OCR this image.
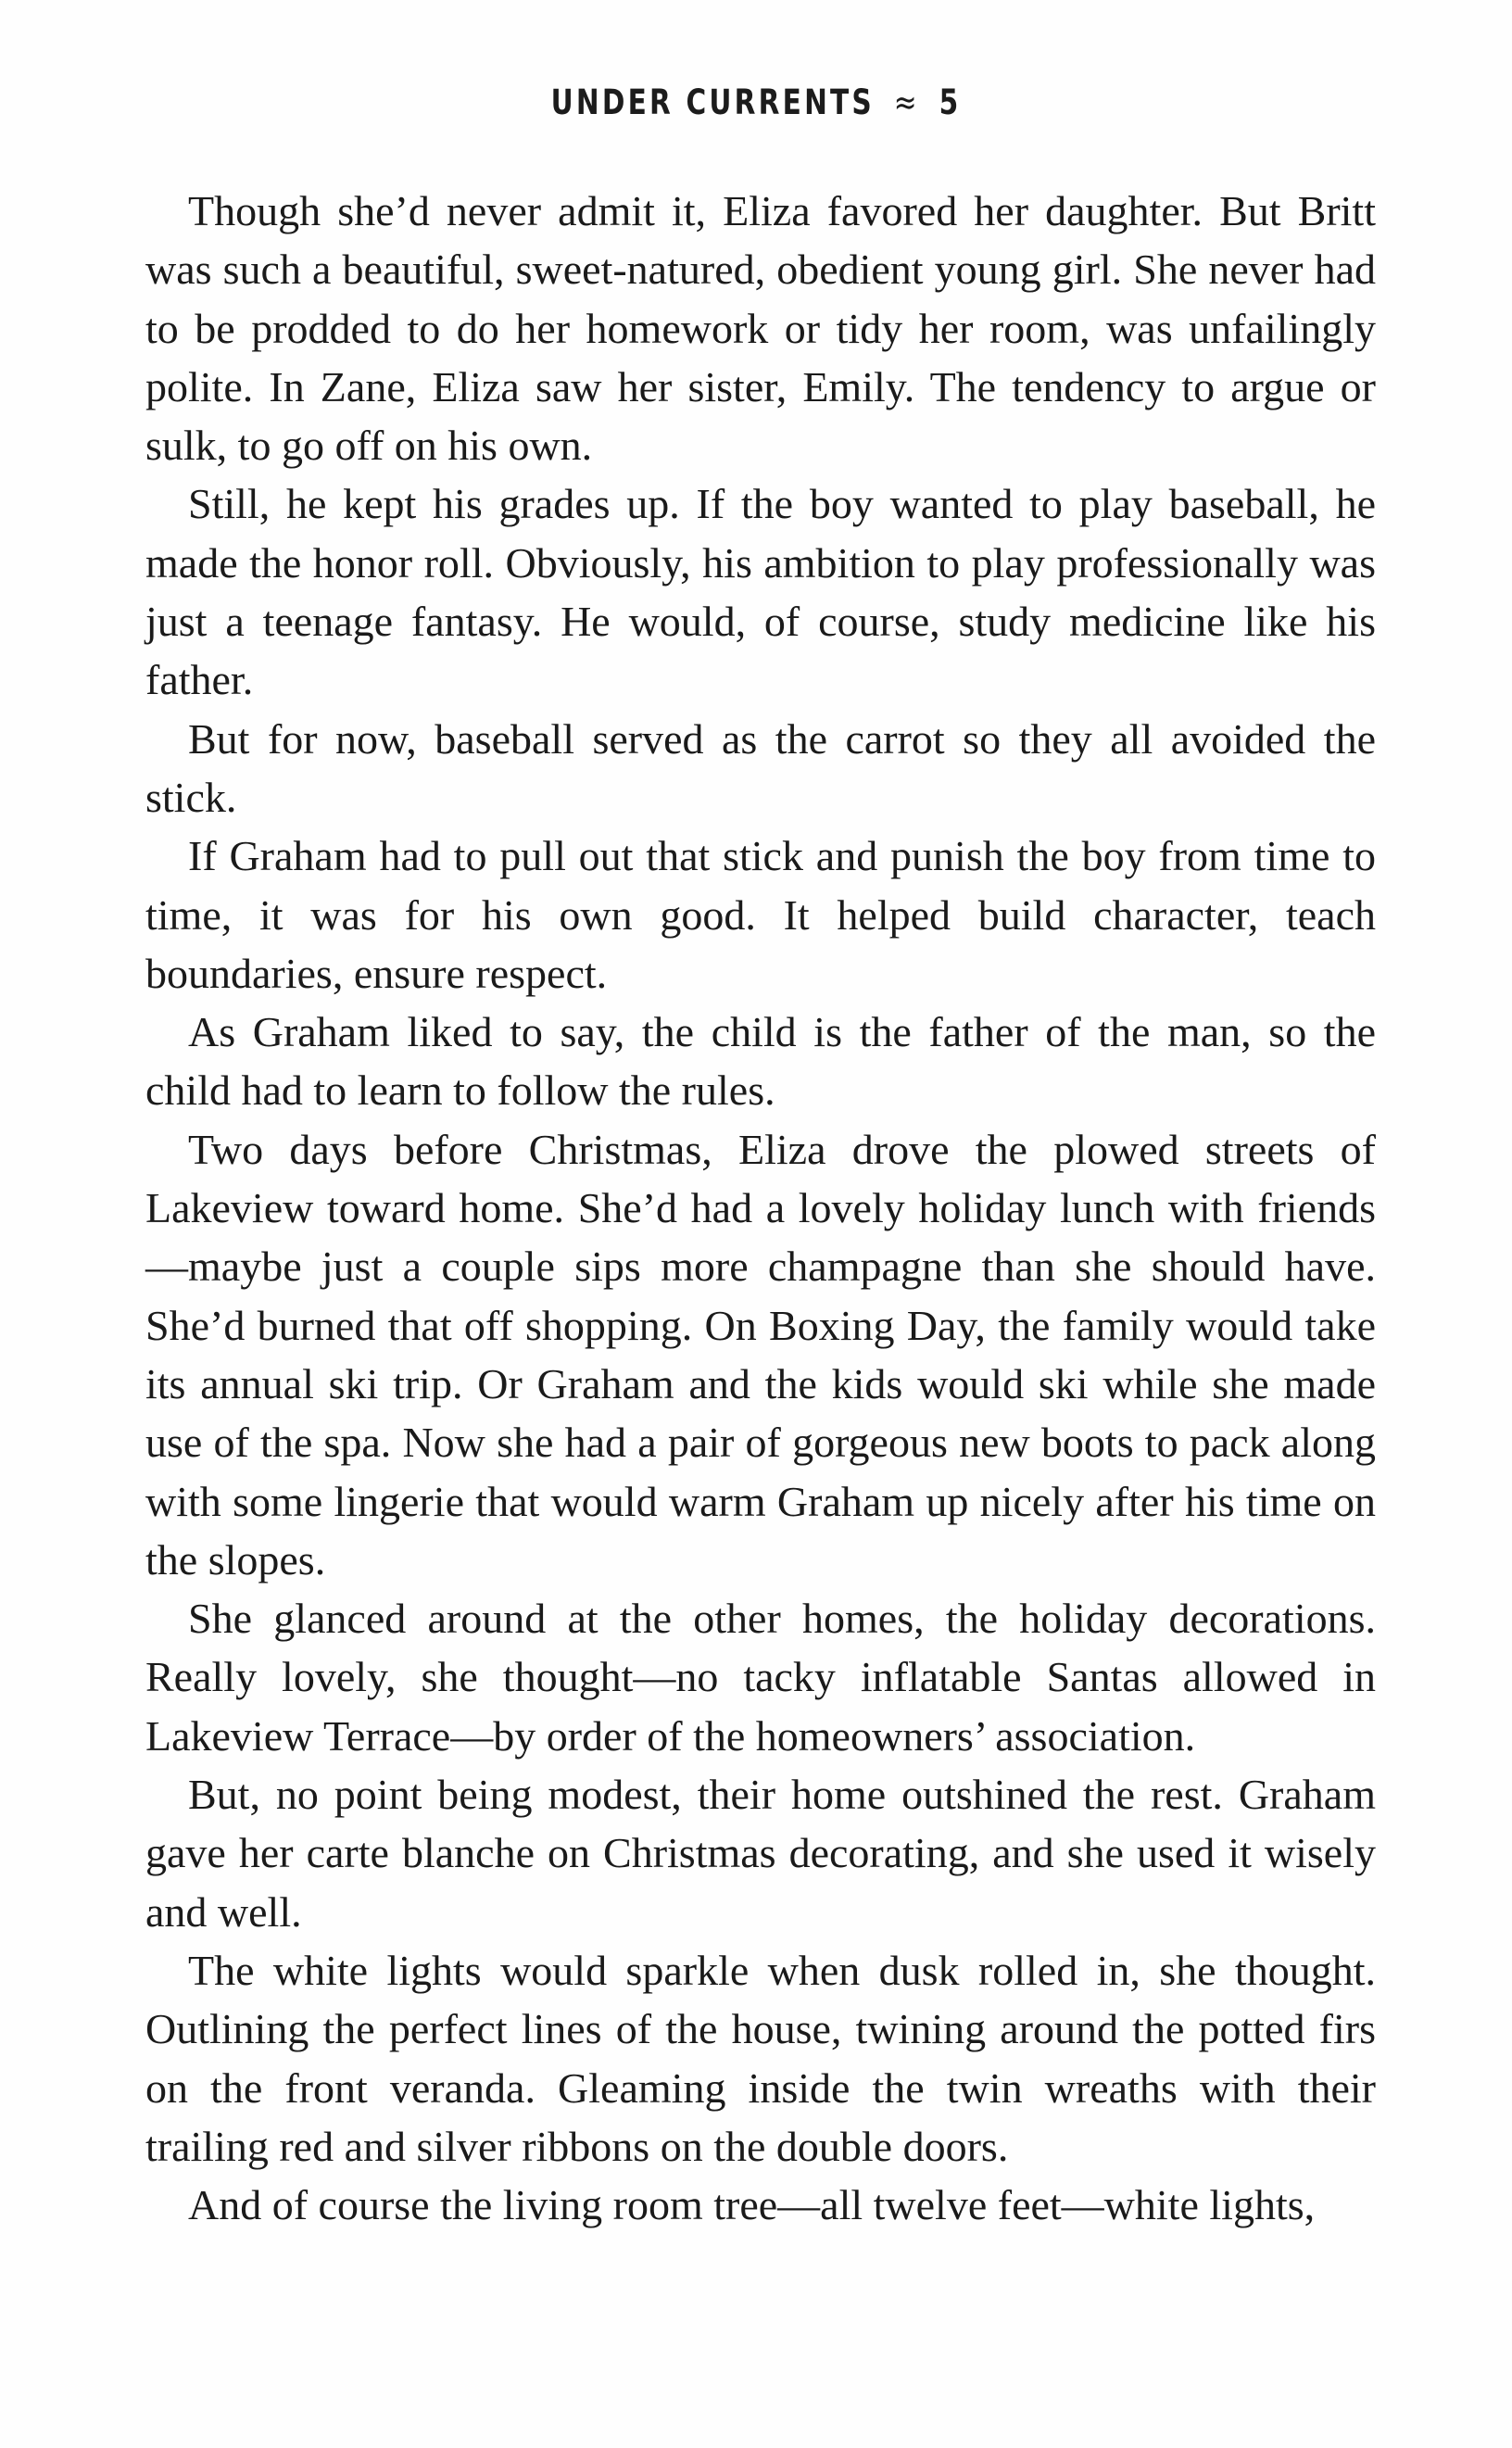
UNDER CURRENTS ≈ 5

Though she’d never admit it, Eliza favored her daughter. But Britt was such a beautiful, sweet-natured, obedient young girl. She never had to be prodded to do her homework or tidy her room, was unfailingly polite. In Zane, Eliza saw her sister, Emily. The tendency to argue or sulk, to go off on his own.

Still, he kept his grades up. If the boy wanted to play baseball, he made the honor roll. Obviously, his ambition to play professionally was just a teenage fantasy. He would, of course, study medicine like his father.

But for now, baseball served as the carrot so they all avoided the stick.

If Graham had to pull out that stick and punish the boy from time to time, it was for his own good. It helped build character, teach boundaries, ensure respect.

As Graham liked to say, the child is the father of the man, so the child had to learn to follow the rules.

Two days before Christmas, Eliza drove the plowed streets of Lakeview toward home. She’d had a lovely holiday lunch with friends—maybe just a couple sips more champagne than she should have. She’d burned that off shopping. On Boxing Day, the family would take its annual ski trip. Or Graham and the kids would ski while she made use of the spa. Now she had a pair of gorgeous new boots to pack along with some lingerie that would warm Graham up nicely after his time on the slopes.

She glanced around at the other homes, the holiday decorations. Really lovely, she thought—no tacky inflatable Santas allowed in Lakeview Terrace—by order of the homeowners’ association.

But, no point being modest, their home outshined the rest. Graham gave her carte blanche on Christmas decorating, and she used it wisely and well.

The white lights would sparkle when dusk rolled in, she thought. Outlining the perfect lines of the house, twining around the potted firs on the front veranda. Gleaming inside the twin wreaths with their trailing red and silver ribbons on the double doors.

And of course the living room tree—all twelve feet—white lights,
